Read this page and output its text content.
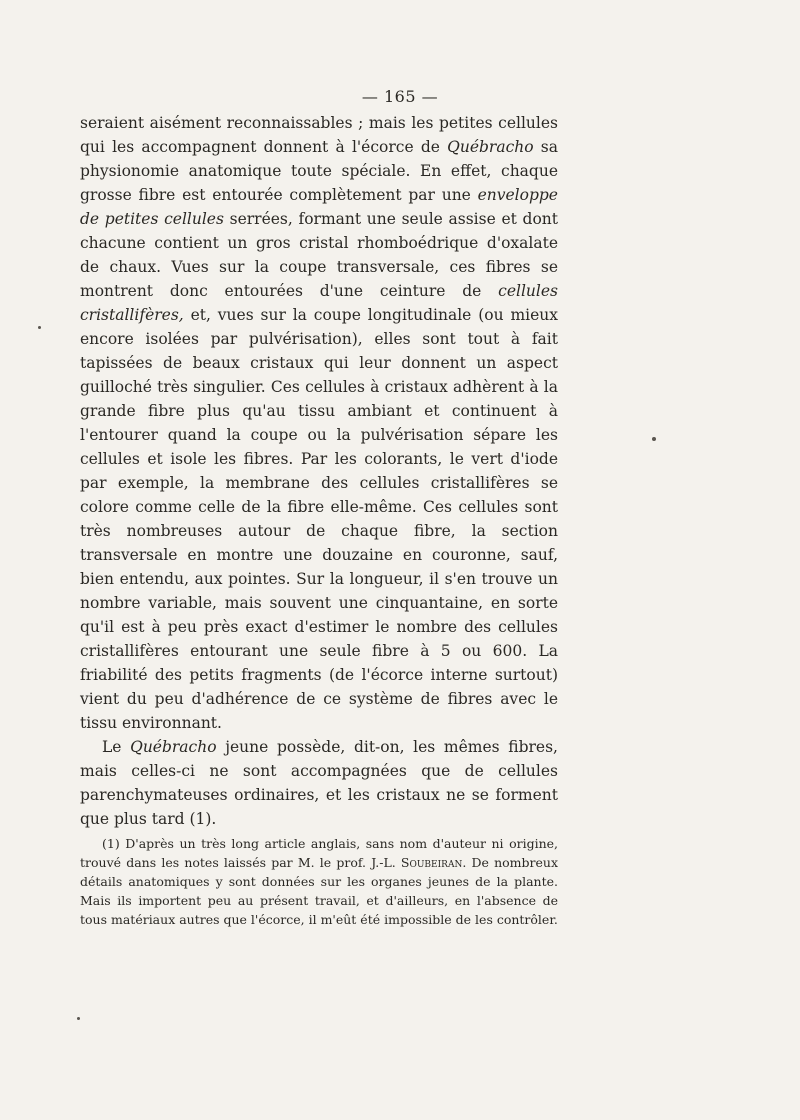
— 165 —

seraient aisément reconnaissables ; mais les petites cellules qui les accompagnent donnent à l'écorce de Québracho sa physionomie anatomique toute spéciale. En effet, chaque grosse fibre est entourée complètement par une enveloppe de petites cellules serrées, formant une seule assise et dont chacune contient un gros cristal rhomboédrique d'oxalate de chaux. Vues sur la coupe transversale, ces fibres se montrent donc entourées d'une ceinture de cellules cristallifères, et, vues sur la coupe longitudinale (ou mieux encore isolées par pulvérisation), elles sont tout à fait tapissées de beaux cristaux qui leur donnent un aspect guilloché très singulier. Ces cellules à cristaux adhèrent à la grande fibre plus qu'au tissu ambiant et continuent à l'entourer quand la coupe ou la pulvérisation sépare les cellules et isole les fibres. Par les colorants, le vert d'iode par exemple, la membrane des cellules cristallifères se colore comme celle de la fibre elle-même. Ces cellules sont très nombreuses autour de chaque fibre, la section transversale en montre une douzaine en couronne, sauf, bien entendu, aux pointes. Sur la longueur, il s'en trouve un nombre variable, mais souvent une cinquantaine, en sorte qu'il est à peu près exact d'estimer le nombre des cellules cristallifères entourant une seule fibre à 5 ou 600. La friabilité des petits fragments (de l'écorce interne surtout) vient du peu d'adhérence de ce système de fibres avec le tissu environnant.

Le Québracho jeune possède, dit-on, les mêmes fibres, mais celles-ci ne sont accompagnées que de cellules parenchymateuses ordinaires, et les cristaux ne se forment que plus tard (1).

(1) D'après un très long article anglais, sans nom d'auteur ni origine, trouvé dans les notes laissés par M. le prof. J.-L. Soubeiran. De nombreux détails anatomiques y sont données sur les organes jeunes de la plante. Mais ils importent peu au présent travail, et d'ailleurs, en l'absence de tous matériaux autres que l'écorce, il m'eût été impossible de les contrôler.
